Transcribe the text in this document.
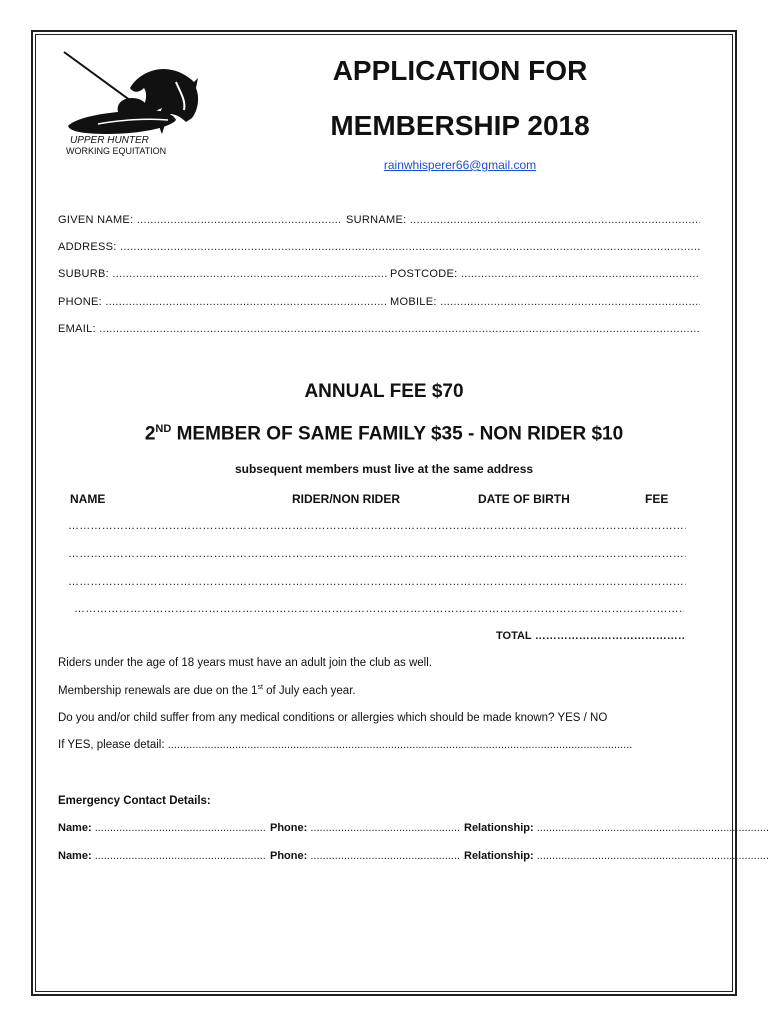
UPPER HUNTER
WORKING EQUITATION
APPLICATION FOR
MEMBERSHIP 2018
rainwhisperer66@gmail.com
GIVEN NAME:
.....	SURNAME:

.....
ADDRESS:

.....
SUBURB:
.....	POSTCODE:

.....
PHONE:
.....	MOBILE:

.....
EMAIL:

.....
ANNUAL FEE $70
2ND MEMBER OF SAME FAMILY $35 - NON RIDER $10
subsequent members must live at the same address
NAME	RIDER/NON RIDER	DATE OF BIRTH	FEE
……………………………………………………………………………………………………………………………………………………………………………………………………………………
……………………………………………………………………………………………………………………………………………………………………………………………………………………
……………………………………………………………………………………………………………………………………………………………………………………………………………………
……………………………………………………………………………………………………………………………………………………………………………………………………………………
TOTAL

……………………………………………………………………………
Riders under the age of 18 years must have an adult join the club as well.
Membership renewals are due on the 1st of July each year.
Do you and/or child suffer from any medical conditions or allergies which should be made known? YES / NO
If YES, please detail:

.....
Emergency Contact Details:
Name:
.....	Phone:
.....	Relationship:

.....
Name:
.....	Phone:
.....	Relationship:

.....
